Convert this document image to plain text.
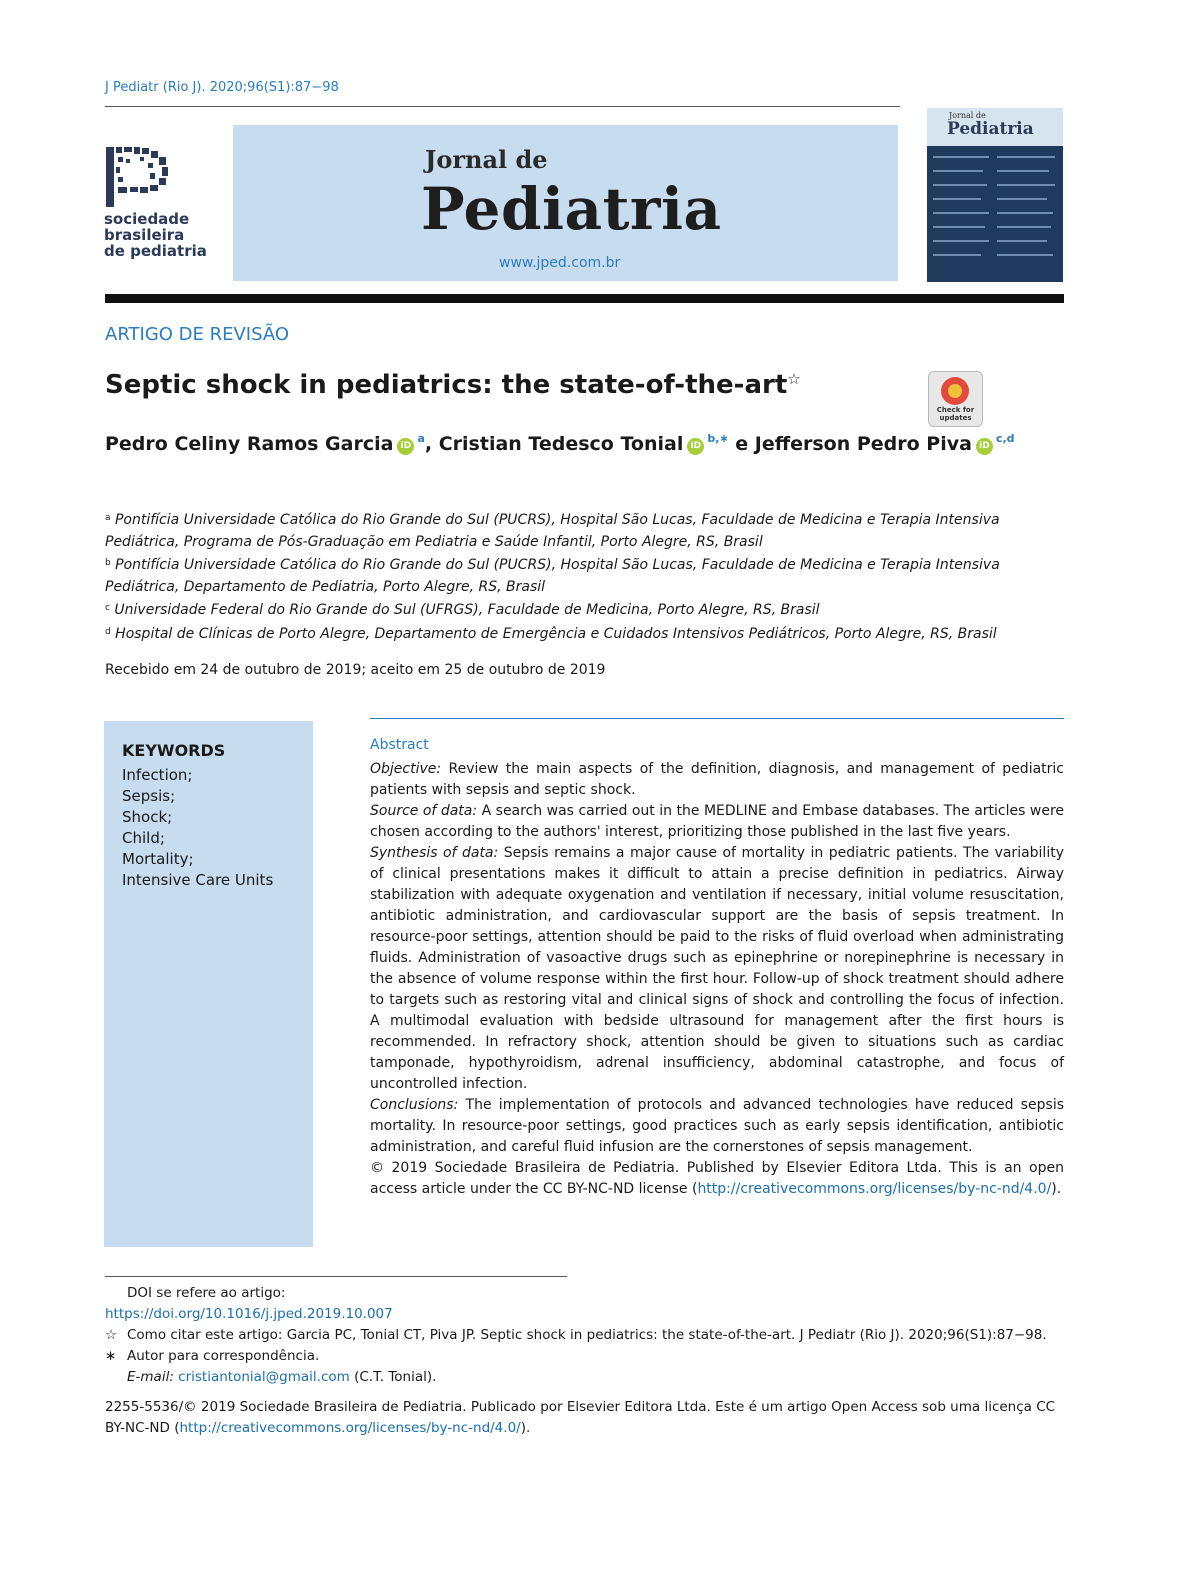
J Pediatr (Rio J). 2020;96(S1):87−98
sociedade
brasileira
de pediatria
Jornal de
Pediatria
www.jped.com.br
Jornal de
Pediatria
ARTIGO DE REVISÃO
Septic shock in pediatrics: the state-of-the-art☆
Check for updates
Pedro Celiny Ramos Garcia $iD^a$, Cristian Tedesco Tonial $iD^{b,∗}$ e Jefferson Pedro Piva iD$^{c,d}$
$^a$ Pontifícia Universidade Católica do Rio Grande do Sul (PUCRS), Hospital São Lucas, Faculdade de Medicina e Terapia Intensiva Pediátrica, Programa de Pós-Graduação em Pediatria e Saúde Infantil, Porto Alegre, RS, Brasil
$^b$ Pontifícia Universidade Católica do Rio Grande do Sul (PUCRS), Hospital São Lucas, Faculdade de Medicina e Terapia Intensiva Pediátrica, Departamento de Pediatria, Porto Alegre, RS, Brasil
$^c$ Universidade Federal do Rio Grande do Sul (UFRGS), Faculdade de Medicina, Porto Alegre, RS, Brasil
$^d$ Hospital de Clínicas de Porto Alegre, Departamento de Emergência e Cuidados Intensivos Pediátricos, Porto Alegre, RS, Brasil
Recebido em 24 de outubro de 2019; aceito em 25 de outubro de 2019
KEYWORDS
Infection;
Sepsis;
Shock;
Child;
Mortality;
Intensive Care Units
Abstract

Objective: Review the main aspects of the definition, diagnosis, and management of pediatric patients with sepsis and septic shock.

Source of data: A search was carried out in the MEDLINE and Embase databases. The articles were chosen according to the authors' interest, prioritizing those published in the last five years.

Synthesis of data: Sepsis remains a major cause of mortality in pediatric patients. The variability of clinical presentations makes it difficult to attain a precise definition in pediatrics. Airway stabilization with adequate oxygenation and ventilation if necessary, initial volume resuscitation, antibiotic administration, and cardiovascular support are the basis of sepsis treatment. In resource-poor settings, attention should be paid to the risks of fluid overload when administrating fluids. Administration of vasoactive drugs such as epinephrine or norepinephrine is necessary in the absence of volume response within the first hour. Follow-up of shock treatment should adhere to targets such as restoring vital and clinical signs of shock and controlling the focus of infection. A multimodal evaluation with bedside ultrasound for management after the first hours is recommended. In refractory shock, attention should be given to situations such as cardiac tamponade, hypothyroidism, adrenal insufficiency, abdominal catastrophe, and focus of uncontrolled infection.

Conclusions: The implementation of protocols and advanced technologies have reduced sepsis mortality. In resource-poor settings, good practices such as early sepsis identification, antibiotic administration, and careful fluid infusion are the cornerstones of sepsis management.

© 2019 Sociedade Brasileira de Pediatria. Published by Elsevier Editora Ltda. This is an open access article under the CC BY-NC-ND license (http://creativecommons.org/licenses/by-nc-nd/4.0/).

DOI se refere ao artigo:

https://doi.org/10.1016/j.jped.2019.10.007

☆ Como citar este artigo: Garcia PC, Tonial CT, Piva JP. Septic shock in pediatrics: the state-of-the-art. J Pediatr (Rio J). 2020;96(S1):87−98.

∗ Autor para correspondência.

E-mail: cristiantonial@gmail.com (C.T. Tonial).

2255-5536/© 2019 Sociedade Brasileira de Pediatria. Publicado por Elsevier Editora Ltda. Este é um artigo Open Access sob uma licença CC BY-NC-ND (http://creativecommons.org/licenses/by-nc-nd/4.0/).
